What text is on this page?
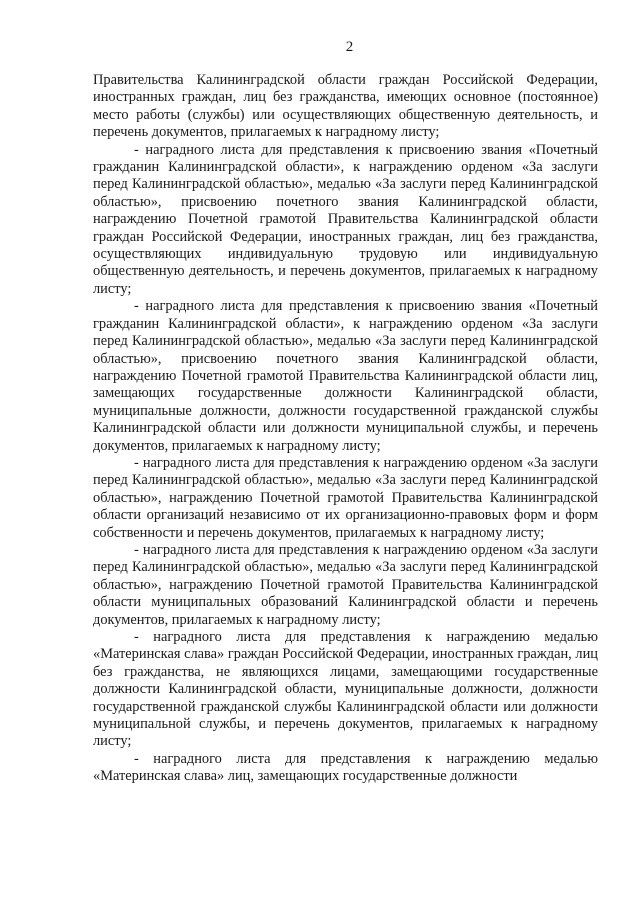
2

Правительства Калининградской области граждан Российской Федерации, иностранных граждан, лиц без гражданства, имеющих основное (постоянное) место работы (службы) или осуществляющих общественную деятельность, и перечень документов, прилагаемых к наградному листу;

- наградного листа для представления к присвоению звания «Почетный гражданин Калининградской области», к награждению орденом «За заслуги перед Калининградской областью», медалью «За заслуги перед Калининградской областью», присвоению почетного звания Калининградской области, награждению Почетной грамотой Правительства Калининградской области граждан Российской Федерации, иностранных граждан, лиц без гражданства, осуществляющих индивидуальную трудовую или индивидуальную общественную деятельность, и перечень документов, прилагаемых к наградному листу;

- наградного листа для представления к присвоению звания «Почетный гражданин Калининградской области», к награждению орденом «За заслуги перед Калининградской областью», медалью «За заслуги перед Калининградской областью», присвоению почетного звания Калининградской области, награждению Почетной грамотой Правительства Калининградской области лиц, замещающих государственные должности Калининградской области, муниципальные должности, должности государственной гражданской службы Калининградской области или должности муниципальной службы, и перечень документов, прилагаемых к наградному листу;

- наградного листа для представления к награждению орденом «За заслуги перед Калининградской областью», медалью «За заслуги перед Калининградской областью», награждению Почетной грамотой Правительства Калининградской области организаций независимо от их организационно-правовых форм и форм собственности и перечень документов, прилагаемых к наградному листу;

- наградного листа для представления к награждению орденом «За заслуги перед Калининградской областью», медалью «За заслуги перед Калининградской областью», награждению Почетной грамотой Правительства Калининградской области муниципальных образований Калининградской области и перечень документов, прилагаемых к наградному листу;

- наградного листа для представления к награждению медалью «Материнская слава» граждан Российской Федерации, иностранных граждан, лиц без гражданства, не являющихся лицами, замещающими государственные должности Калининградской области, муниципальные должности, должности государственной гражданской службы Калининградской области или должности муниципальной службы, и перечень документов, прилагаемых к наградному листу;

- наградного листа для представления к награждению медалью «Материнская слава» лиц, замещающих государственные должности
